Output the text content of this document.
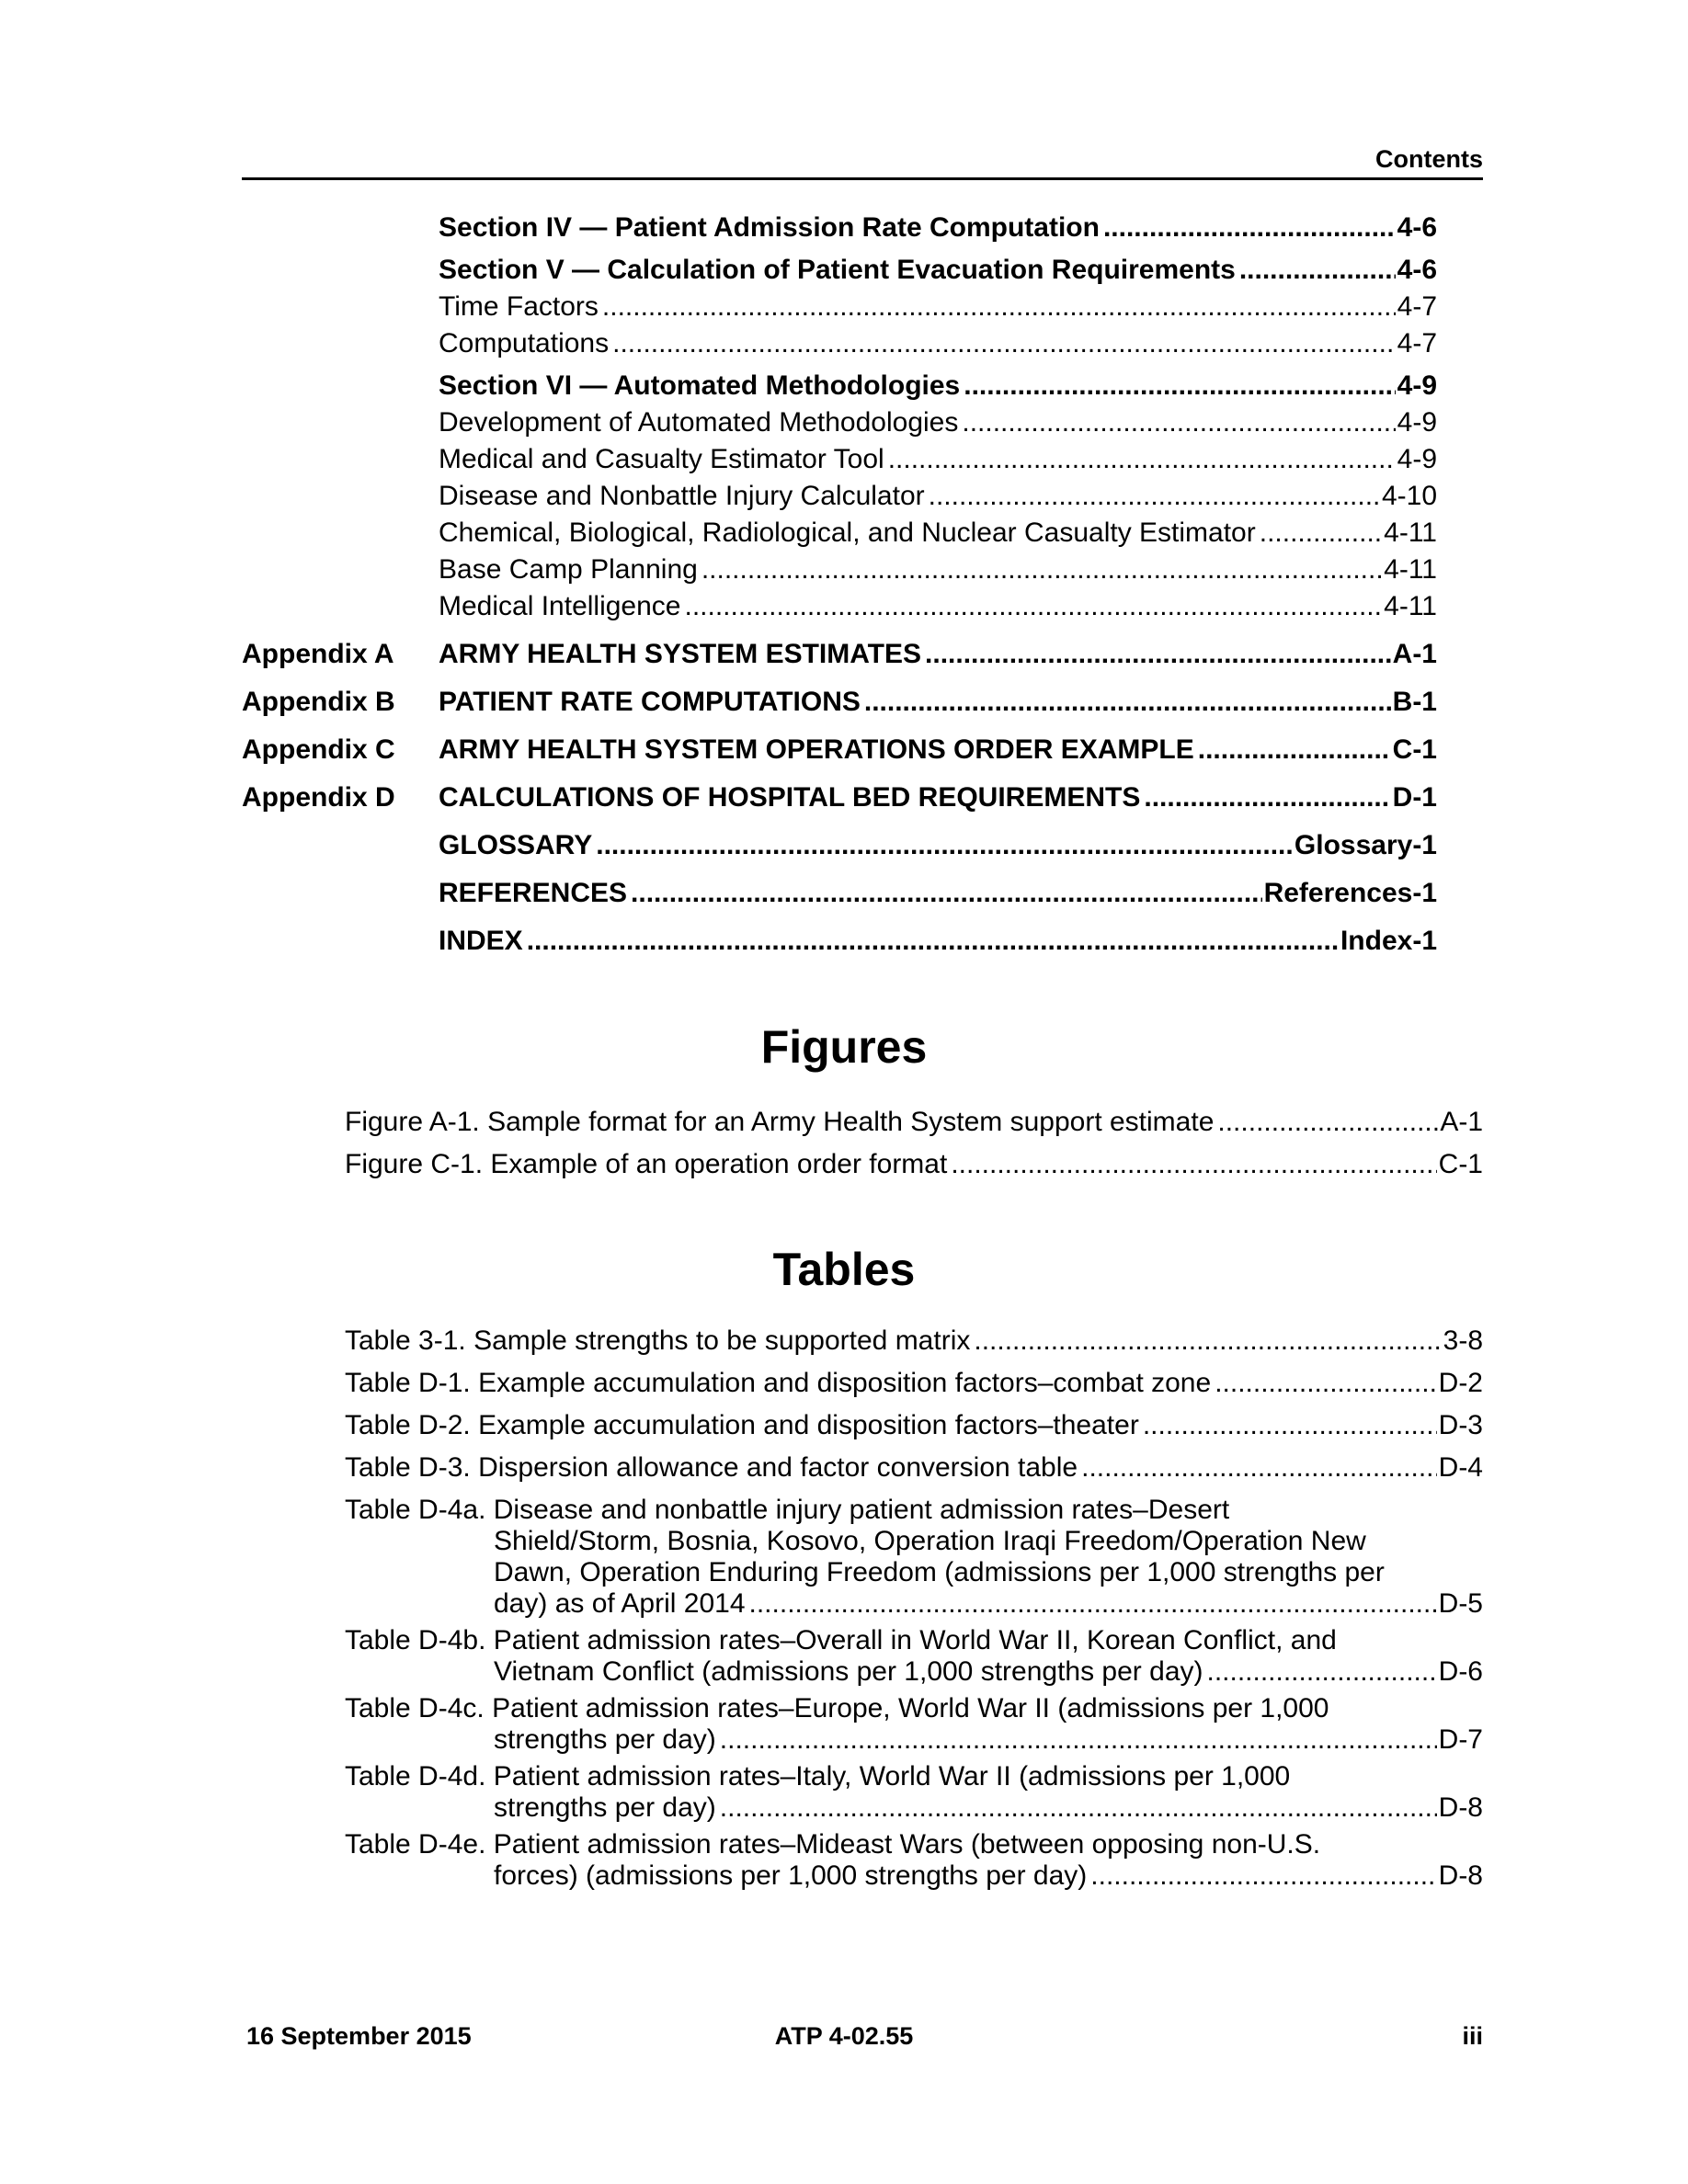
Contents
Section IV — Patient Admission Rate Computation .....	4-6
Section V — Calculation of Patient Evacuation Requirements .....	4-6
Time Factors .....	4-7
Computations .....	4-7
Section VI — Automated Methodologies .....	4-9
Development of Automated Methodologies .....	4-9
Medical and Casualty Estimator Tool .....	4-9
Disease and Nonbattle Injury Calculator .....	4-10
Chemical, Biological, Radiological, and Nuclear Casualty Estimator .....	4-11
Base Camp Planning .....	4-11
Medical Intelligence .....	4-11
Appendix A	ARMY HEALTH SYSTEM ESTIMATES .....	A-1
Appendix B	PATIENT RATE COMPUTATIONS .....	B-1
Appendix C	ARMY HEALTH SYSTEM OPERATIONS ORDER EXAMPLE .....	C-1
Appendix D	CALCULATIONS OF HOSPITAL BED REQUIREMENTS .....	D-1
GLOSSARY .....	Glossary-1
REFERENCES .....	References-1
INDEX .....	Index-1
Figures
Figure A-1. Sample format for an Army Health System support estimate .....	A-1
Figure C-1. Example of an operation order format .....	C-1
Tables
Table 3-1. Sample strengths to be supported matrix .....	3-8
Table D-1. Example accumulation and disposition factors–combat zone .....	D-2
Table D-2. Example accumulation and disposition factors–theater .....	D-3
Table D-3. Dispersion allowance and factor conversion table .....	D-4
Table D-4a. Disease and nonbattle injury patient admission rates–Desert
Shield/Storm, Bosnia, Kosovo, Operation Iraqi Freedom/Operation New
Dawn, Operation Enduring Freedom (admissions per 1,000 strengths per
day) as of April 2014 .....	D-5
Table D-4b. Patient admission rates–Overall in World War II, Korean Conflict, and
Vietnam Conflict (admissions per 1,000 strengths per day) .....	D-6
Table D-4c. Patient admission rates–Europe, World War II (admissions per 1,000
strengths per day) .....	D-7
Table D-4d. Patient admission rates–Italy, World War II (admissions per 1,000
strengths per day) .....	D-8
Table D-4e. Patient admission rates–Mideast Wars (between opposing non-U.S.
forces) (admissions per 1,000 strengths per day) .....	D-8
16 September 2015	ATP 4-02.55	iii
